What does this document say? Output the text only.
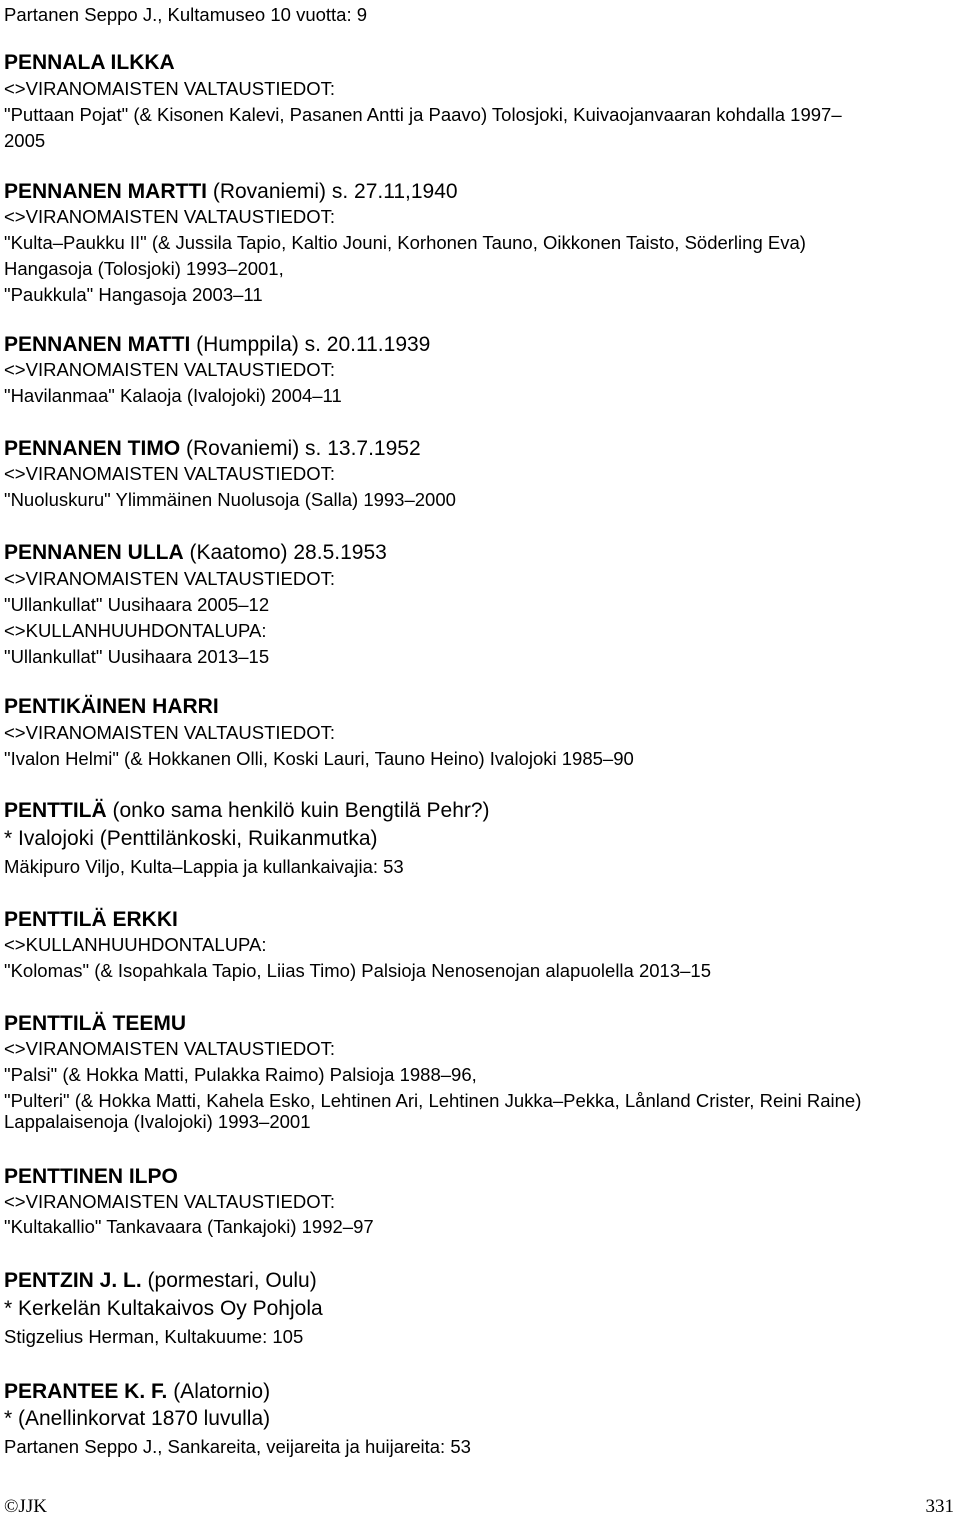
Partanen Seppo J., Kultamuseo 10 vuotta: 9
PENNALA ILKKA
<>VIRANOMAISTEN VALTAUSTIEDOT:
"Puttaan Pojat" (& Kisonen Kalevi, Pasanen Antti ja Paavo) Tolosjoki, Kuivaojanvaaran kohdalla 1997–
2005
PENNANEN MARTTI (Rovaniemi) s. 27.11,1940
<>VIRANOMAISTEN VALTAUSTIEDOT:
"Kulta–Paukku II" (& Jussila Tapio, Kaltio Jouni, Korhonen Tauno, Oikkonen Taisto, Söderling Eva)
Hangasoja (Tolosjoki) 1993–2001,
"Paukkula" Hangasoja 2003–11
PENNANEN MATTI (Humppila) s. 20.11.1939
<>VIRANOMAISTEN VALTAUSTIEDOT:
"Havilanmaa" Kalaoja (Ivalojoki) 2004–11
PENNANEN TIMO (Rovaniemi) s. 13.7.1952
<>VIRANOMAISTEN VALTAUSTIEDOT:
"Nuoluskuru" Ylimmäinen Nuolusoja (Salla) 1993–2000
PENNANEN ULLA (Kaatomo) 28.5.1953
<>VIRANOMAISTEN VALTAUSTIEDOT:
"Ullankullat" Uusihaara 2005–12
<>KULLANHUUHDONTALUPA:
"Ullankullat" Uusihaara 2013–15
PENTIKÄINEN HARRI
<>VIRANOMAISTEN VALTAUSTIEDOT:
"Ivalon Helmi" (& Hokkanen Olli, Koski Lauri, Tauno Heino) Ivalojoki 1985–90
PENTTILÄ (onko sama henkilö kuin Bengtilä Pehr?)
* Ivalojoki (Penttilänkoski, Ruikanmutka)
Mäkipuro Viljo, Kulta–Lappia ja kullankaivajia: 53
PENTTILÄ ERKKI
<>KULLANHUUHDONTALUPA:
"Kolomas" (& Isopahkala Tapio, Liias Timo) Palsioja Nenosenojan alapuolella 2013–15
PENTTILÄ TEEMU
<>VIRANOMAISTEN VALTAUSTIEDOT:
"Palsi" (& Hokka Matti, Pulakka Raimo) Palsioja 1988–96,
"Pulteri" (& Hokka Matti, Kahela Esko, Lehtinen Ari, Lehtinen Jukka–Pekka, Lånland Crister, Reini Raine)
Lappalaisenoja (Ivalojoki) 1993–2001
PENTTINEN ILPO
<>VIRANOMAISTEN VALTAUSTIEDOT:
"Kultakallio" Tankavaara (Tankajoki) 1992–97
PENTZIN J. L. (pormestari, Oulu)
* Kerkelän Kultakaivos Oy Pohjola
Stigzelius Herman, Kultakuume: 105
PERANTEE K. F. (Alatornio)
* (Anellinkorvat 1870 luvulla)
Partanen Seppo J., Sankareita, veijareita ja huijareita: 53
©JJK	331
